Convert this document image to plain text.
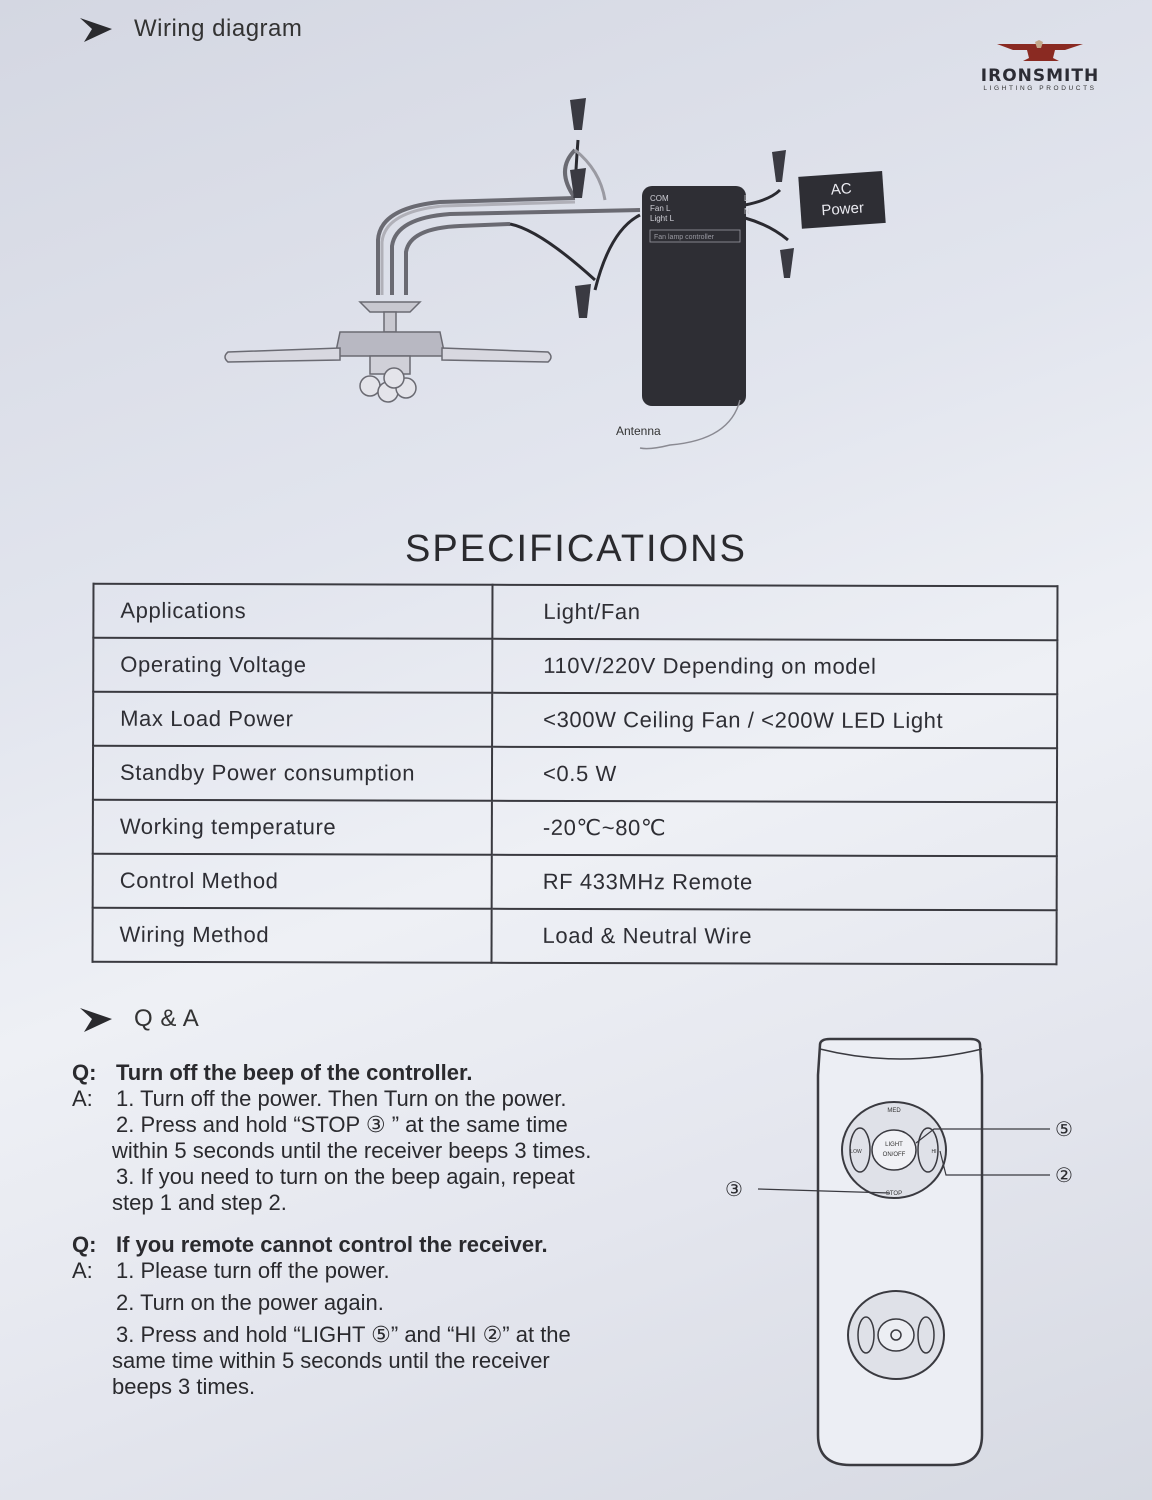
Wiring diagram
IRONSMITH
LIGHTING PRODUCTS
COM
Fan L
Light L
Fan lamp controller
L
N
AC
Power
Antenna
SPECIFICATIONS
Applications	Light/Fan
Operating Voltage	110V/220V Depending on model
Max Load Power	<300W Ceiling Fan / <200W LED Light
Standby Power consumption	<0.5 W
Working temperature	-20℃~80℃
Control Method	RF 433MHz Remote
Wiring Method	Load & Neutral Wire
Q & A
Q: Turn off the beep of the controller.
A:	1. Turn off the power. Then Turn on the power.
2. Press and hold “STOP ③ ” at the same time
within 5 seconds until the receiver beeps 3 times.
3. If you need to turn on the beep again, repeat
step 1 and step 2.
Q: If you remote cannot control the receiver.
A:	1. Please turn off the power.
2. Turn on the power again.
3. Press and hold “LIGHT ⑤” and “HI ②” at the
same time within 5 seconds until the receiver
beeps 3 times.
LIGHT
ON/OFF
MED
STOP
LOW	HI
⑤
②
③
